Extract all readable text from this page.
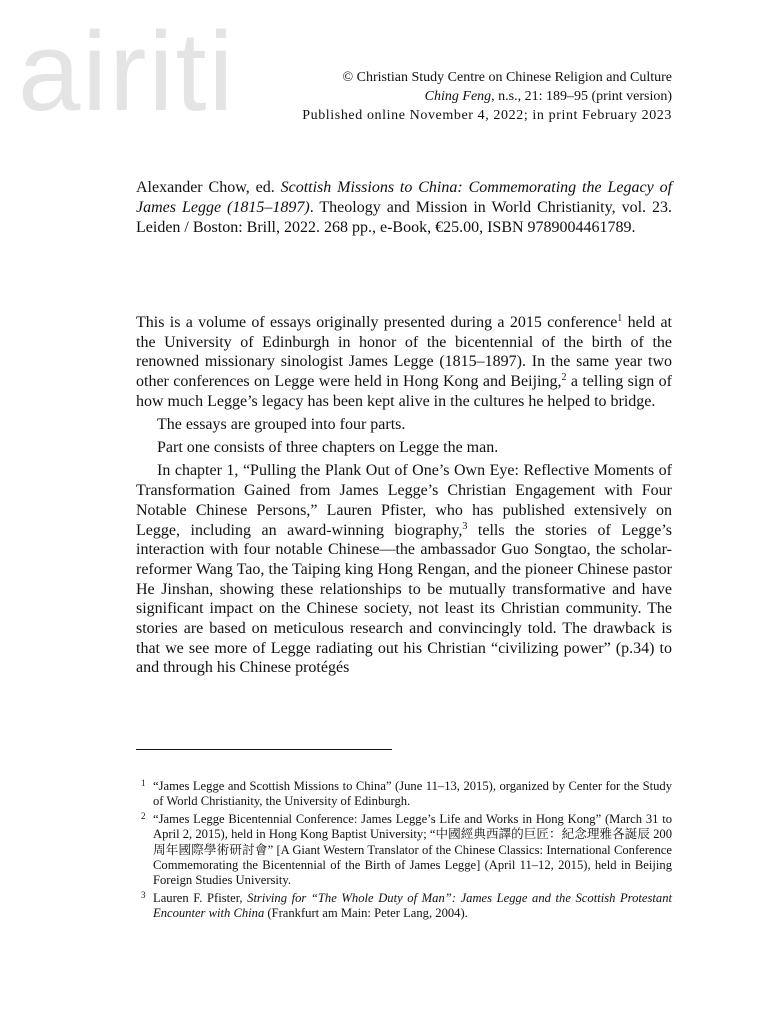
airiti	© Christian Study Centre on Chinese Religion and Culture
Ching Feng, n.s., 21: 189–95 (print version)
Published online November 4, 2022; in print February 2023
Alexander Chow, ed. Scottish Missions to China: Commemorating the Legacy of James Legge (1815–1897). Theology and Mission in World Christianity, vol. 23. Leiden / Boston: Brill, 2022. 268 pp., e-Book, €25.00, ISBN 9789004461789.

This is a volume of essays originally presented during a 2015 conference$^1$ held at the University of Edinburgh in honor of the bicentennial of the birth of the renowned missionary sinologist James Legge (1815–1897). In the same year two other conferences on Legge were held in Hong Kong and Beijing,$^2$ a telling sign of how much Legge’s legacy has been kept alive in the cultures he helped to bridge.

The essays are grouped into four parts.

Part one consists of three chapters on Legge the man.

In chapter 1, “Pulling the Plank Out of One’s Own Eye: Reflective Moments of Transformation Gained from James Legge’s Christian Engagement with Four Notable Chinese Persons,” Lauren Pfister, who has published extensively on Legge, including an award-winning biography,$^3$ tells the stories of Legge’s interaction with four notable Chinese—the ambassador Guo Songtao, the scholar-reformer Wang Tao, the Taiping king Hong Rengan, and the pioneer Chinese pastor He Jinshan, showing these relationships to be mutually transformative and have significant impact on the Chinese society, not least its Christian community. The stories are based on meticulous research and convincingly told. The drawback is that we see more of Legge radiating out his Christian “civilizing power” (p.34) to and through his Chinese protégés

1 “James Legge and Scottish Missions to China” (June 11–13, 2015), organized by Center for the Study of World Christianity, the University of Edinburgh.
2 “James Legge Bicentennial Conference: James Legge’s Life and Works in Hong Kong” (March 31 to April 2, 2015), held in Hong Kong Baptist University; “中國經典西譯的巨匠：紀念理雅各誕辰 200 周年國際學術研討會” [A Giant Western Translator of the Chinese Classics: International Conference Commemorating the Bicentennial of the Birth of James Legge] (April 11–12, 2015), held in Beijing Foreign Studies University.
3 Lauren F. Pfister, Striving for “The Whole Duty of Man”: James Legge and the Scottish Protestant Encounter with China (Frankfurt am Main: Peter Lang, 2004).
